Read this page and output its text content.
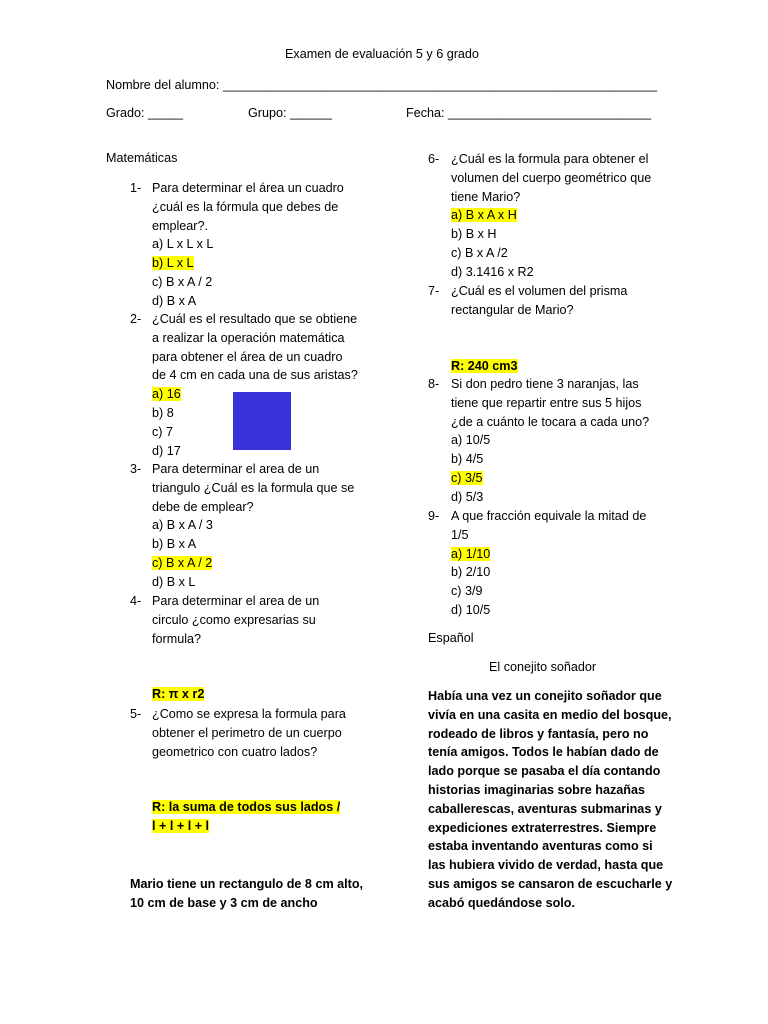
Examen de evaluación 5 y 6 grado
Nombre del alumno: ______________________________________________________________
Grado: _____	Grupo: ______	Fecha: _____________________________
Matemáticas
1- Para determinar el área un cuadro
¿cuál es la fórmula que debes de
emplear?.
a) L x L x L
b) L x L
c) B x A / 2
d) B x A
2- ¿Cuál es el resultado que se obtiene
a realizar la operación matemática
para obtener el área de un cuadro
de 4 cm en cada una de sus aristas?
a) 16
b) 8
c) 7
d) 17
3- Para determinar el area de un
triangulo ¿Cuál es la formula que se
debe de emplear?
a) B x A / 3
b) B x A
c) B x A / 2
d) B x L
4- Para determinar el area de un
circulo ¿como expresarias su
formula?
R: π x r2
5- ¿Como se expresa la formula para
obtener el perimetro de un cuerpo
geometrico con cuatro lados?
R: la suma de todos sus lados /
l + l + l + l
Mario tiene un rectangulo de 8 cm alto,
10 cm de base y 3 cm de ancho
6- ¿Cuál es la formula para obtener el
volumen del cuerpo geométrico que
tiene Mario?
a) B x A x H
b) B x H
c) B x A /2
d) 3.1416 x R2
7- ¿Cuál es el volumen del prisma
rectangular de Mario?
R: 240 cm3
8- Si don pedro tiene 3 naranjas, las
tiene que repartir entre sus 5 hijos
¿de a cuánto le tocara a cada uno?
a) 10/5
b) 4/5
c) 3/5
d) 5/3
9- A que fracción equivale la mitad de
1/5
a) 1/10
b) 2/10
c) 3/9
d) 10/5
Español
El conejito soñador
Había una vez un conejito soñador que
vivía en una casita en medio del bosque,
rodeado de libros y fantasía, pero no
tenía amigos. Todos le habían dado de
lado porque se pasaba el día contando
historias imaginarias sobre hazañas
caballerescas, aventuras submarinas y
expediciones extraterrestres. Siempre
estaba inventando aventuras como si
las hubiera vivido de verdad, hasta que
sus amigos se cansaron de escucharle y
acabó quedándose solo.
